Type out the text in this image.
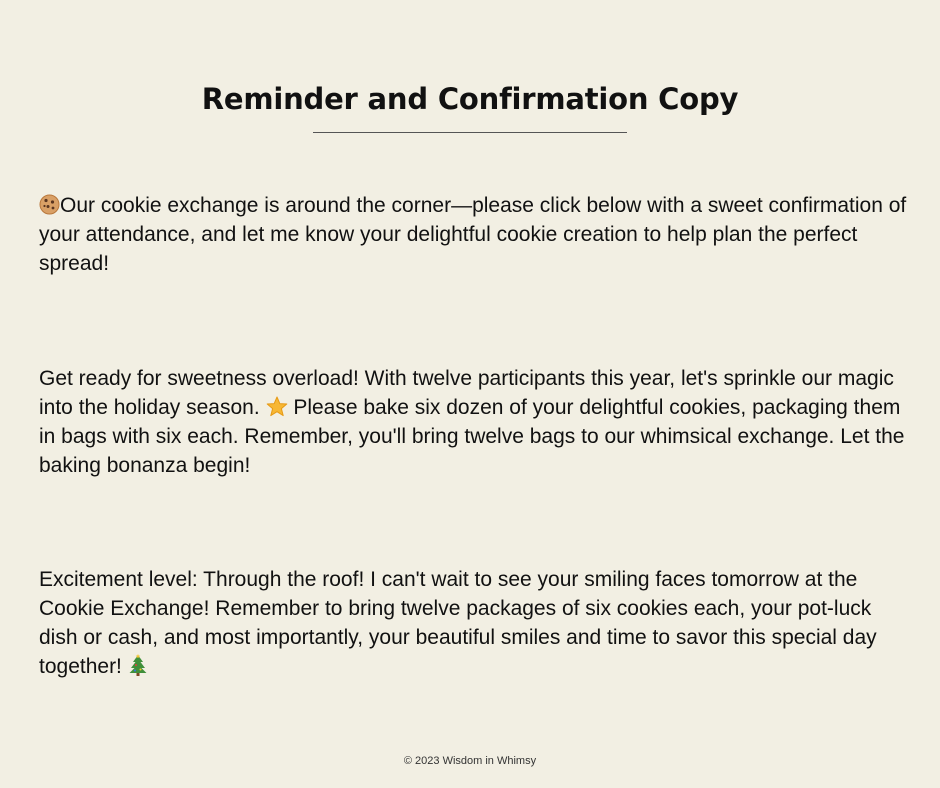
Reminder and Confirmation Copy

Our cookie exchange is around the corner—please click below with a sweet confirmation of your attendance, and let me know your delightful cookie creation to help plan the perfect spread!

Get ready for sweetness overload! With twelve participants this year, let's sprinkle our magic into the holiday season.
Please bake six dozen of your delightful cookies, packaging them in bags with six each. Remember, you'll bring twelve bags to our whimsical exchange. Let the baking bonanza begin!

Excitement level: Through the roof! I can't wait to see your smiling faces tomorrow at the Cookie Exchange! Remember to bring twelve packages of six cookies each, your pot-luck dish or cash, and most importantly, your beautiful smiles and time to savor this special day together!

© 2023 Wisdom in Whimsy
